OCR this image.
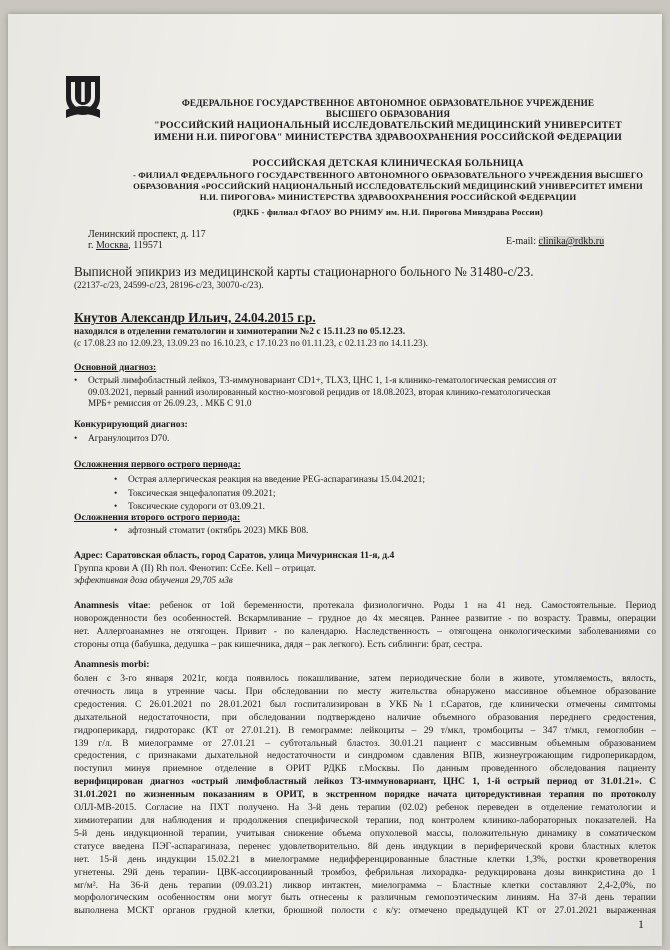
ФЕДЕРАЛЬНОЕ ГОСУДАРСТВЕННОЕ АВТОНОМНОЕ ОБРАЗОВАТЕЛЬНОЕ УЧРЕЖДЕНИЕ
ВЫСШЕГО ОБРАЗОВАНИЯ
"РОССИЙСКИЙ НАЦИОНАЛЬНЫЙ ИССЛЕДОВАТЕЛЬСКИЙ МЕДИЦИНСКИЙ УНИВЕРСИТЕТ
ИМЕНИ Н.И. ПИРОГОВА" МИНИСТЕРСТВА ЗДРАВООХРАНЕНИЯ РОССИЙСКОЙ ФЕДЕРАЦИИ
РОССИЙСКАЯ ДЕТСКАЯ КЛИНИЧЕСКАЯ БОЛЬНИЦА
- ФИЛИАЛ ФЕДЕРАЛЬНОГО ГОСУДАРСТВЕННОГО АВТОНОМНОГО ОБРАЗОВАТЕЛЬНОГО УЧРЕЖДЕНИЯ ВЫСШЕГО
ОБРАЗОВАНИЯ «РОССИЙСКИЙ НАЦИОНАЛЬНЫЙ ИССЛЕДОВАТЕЛЬСКИЙ МЕДИЦИНСКИЙ УНИВЕРСИТЕТ ИМЕНИ
Н.И. ПИРОГОВА» МИНИСТЕРСТВА ЗДРАВООХРАНЕНИЯ РОССИЙСКОЙ ФЕДЕРАЦИИ
(РДКБ - филиал ФГАОУ ВО РНИМУ им. Н.И. Пирогова Минздрава России)
Ленинский проспект, д. 117
г. Москва, 119571	E-mail: clinika@rdkb.ru
Выписной эпикриз из медицинской карты стационарного больного № 31480-с/23.
(22137-с/23, 24599-с/23, 28196-с/23, 30070-с/23).
Кнутов Александр Ильич, 24.04.2015 г.р.
находился в отделении гематологии и химиотерапии №2 с 15.11.23 по 05.12.23.
(с 17.08.23 по 12.09.23, 13.09.23 по 16.10.23, с 17.10.23 по 01.11.23, с 02.11.23 по 14.11.23).
Основной диагноз:
• Острый лимфобластный лейкоз, Т3-иммуновариант CD1+, TLX3, ЦНС 1, 1-я клинико-гематологическая ремиссия от
09.03.2021, первый ранний изолированный костно-мозговой рецидив от 18.08.2023, вторая клинико-гематологическая
МРБ+ ремиссия от 26.09.23, . МКБ С 91.0
Конкурирующий диагноз:
• Агранулоцитоз D70.
Осложнения первого острого периода:
• Острая аллергическая реакция на введение PEG-аспарагиназы 15.04.2021;
• Токсическая энцефалопатия 09.2021;
• Токсические судороги от 03.09.21.
Осложнения второго острого периода:
• афтозный стоматит (октябрь 2023) МКБ B08.
Адрес: Саратовская область, город Саратов, улица Мичуринская 11-я, д.4
Группа крови А (II) Rh пол. Фенотип: CcEe. Kell – отрицат.
эффективная доза облучения 29,705 мЗв
Anamnesis vitae: ребенок от 1ой беременности, протекала физиологично. Роды 1 на 41 нед. Самостоятельные. Период
новорожденности без особенностей. Вскармливание – грудное до 4х месяцев. Раннее развитие - по возрасту. Травмы, операции
нет. Аллергоанамнез не отягощен. Привит - по календарю. Наследственность – отягощена онкологическими заболеваниями со
стороны отца (бабушка, дедушка – рак кишечника, дядя – рак легкого). Есть сиблинги: брат, сестра.
Anamnesis morbi:
болен с 3-го января 2021г, когда появилось покашливание, затем периодические боли в животе, утомляемость, вялость,
отечность лица в утренние часы. При обследовании по месту жительства обнаружено массивное объемное образование
средостения. С 26.01.2021 по 28.01.2021 был госпитализирован в УКБ№1 г.Саратов, где клинически отмечены симптомы
дыхательной недостаточности, при обследовании подтверждено наличие объемного образования переднего средостения,
гидроперикард, гидроторакс (КТ от 27.01.21). В гемограмме: лейкоциты – 29 т/мкл, тромбоциты – 347 т/мкл, гемоглобин –
139 г/л. В миелограмме от 27.01.21 – субтотальный бластоз. 30.01.21 пациент с массивным объемным образованием
средостения, с признаками дыхательной недостаточности и синдромом сдавления ВПВ, жизнеугрожающим гидроперикардом,
поступил минуя приемное отделение в ОРИТ РДКБ г.Москвы. По данным проведенного обследования пациенту
верифицирован диагноз «острый лимфобластный лейкоз Т3-иммуновариант, ЦНС 1, 1-й острый период от 31.01.21». С
31.01.2021 по жизненным показаниям в ОРИТ, в экстренном порядке начата циторедуктивная терапия по протоколу
ОЛЛ-МВ-2015. Согласие на ПХТ получено. На 3-й день терапии (02.02) ребенок переведен в отделение гематологии и
химиотерапии для наблюдения и продолжения специфической терапии, под контролем клинико-лабораторных показателей. На
5-й день индукционной терапии, учитывая снижение объема опухолевой массы, положительную динамику в соматическом
статусе введена ПЭГ-аспарагиназа, перенес удовлетворительно. 8й день индукции в периферической крови бластных клеток
нет. 15-й день индукции 15.02.21 в миелограмме недифференцированные бластные клетки 1,3%, ростки кроветворения
угнетены. 29й день терапии- ЦВК-ассоциированный тромбоз, фебрильная лихорадка- редукцирована дозы винкристина до 1
мг/м². На 36-й день терапии (09.03.21) ликвор интактен, миелограмма – Бластные клетки составляют 2,4-2,0%, по
морфологическим особенностям они могут быть отнесены к различным гемопоэтическим линиям. На 37-й день терапии
выполнена МСКТ органов грудной клетки, брюшной полости с к/у: отмечено предыдущей КТ от 27.01.2021 выраженная
1
